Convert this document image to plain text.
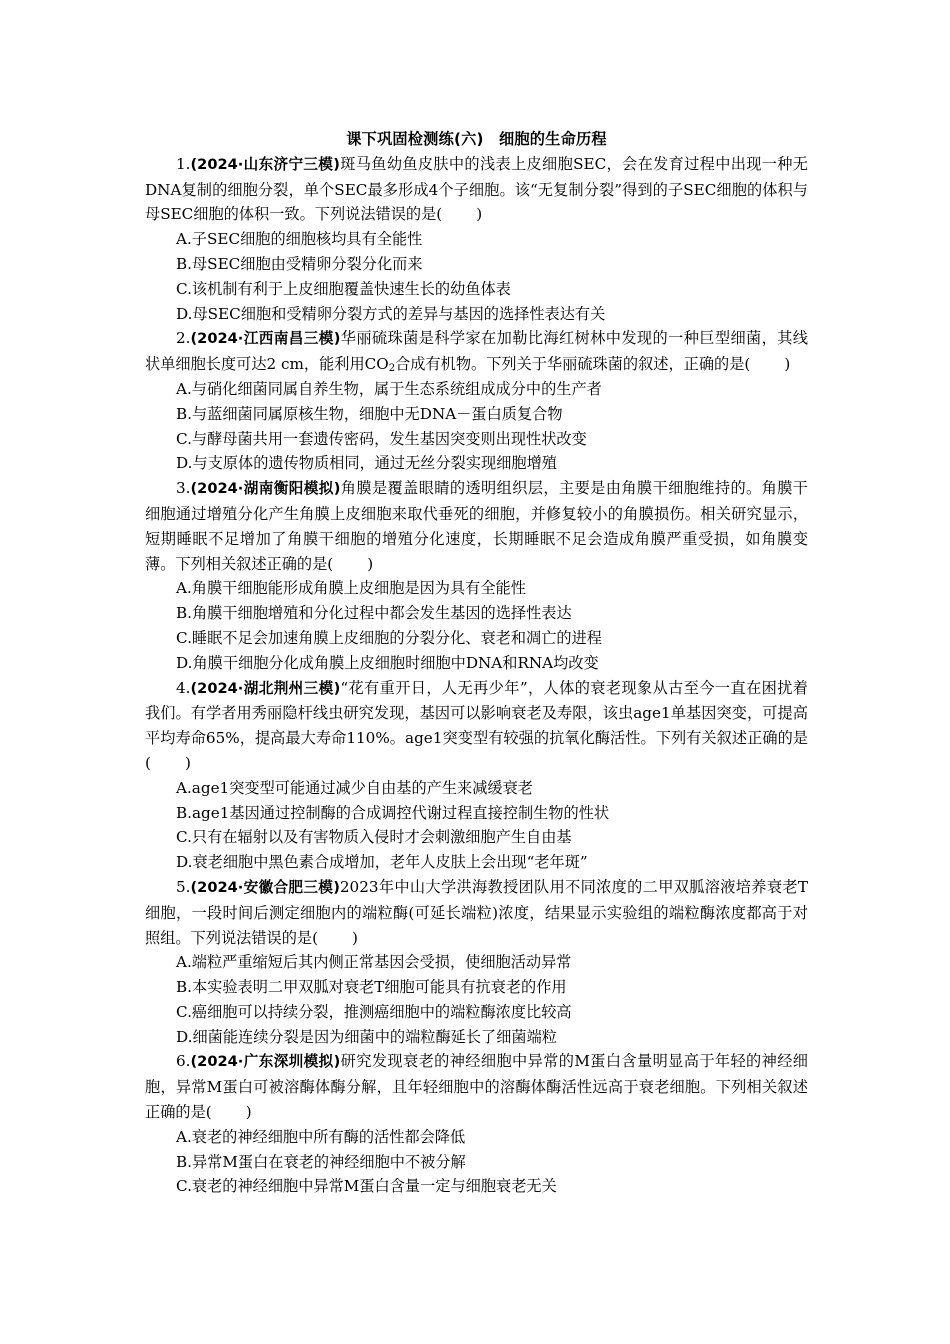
课下巩固检测练(六)　细胞的生命历程

1.(2024·山东济宁三模)斑马鱼幼鱼皮肤中的浅表上皮细胞SEC，会在发育过程中出现一种无DNA复制的细胞分裂，单个SEC最多形成4个子细胞。该“无复制分裂”得到的子SEC细胞的体积与母SEC细胞的体积一致。下列说法错误的是( )

A.子SEC细胞的细胞核均具有全能性

B.母SEC细胞由受精卵分裂分化而来

C.该机制有利于上皮细胞覆盖快速生长的幼鱼体表

D.母SEC细胞和受精卵分裂方式的差异与基因的选择性表达有关

2.(2024·江西南昌三模)华丽硫珠菌是科学家在加勒比海红树林中发现的一种巨型细菌，其线状单细胞长度可达2 cm，能利用$CO_2$合成有机物。下列关于华丽硫珠菌的叙述，正确的是( )

A.与硝化细菌同属自养生物，属于生态系统组成成分中的生产者

B.与蓝细菌同属原核生物，细胞中无DNA－蛋白质复合物

C.与酵母菌共用一套遗传密码，发生基因突变则出现性状改变

D.与支原体的遗传物质相同，通过无丝分裂实现细胞增殖

3.(2024·湖南衡阳模拟)角膜是覆盖眼睛的透明组织层，主要是由角膜干细胞维持的。角膜干细胞通过增殖分化产生角膜上皮细胞来取代垂死的细胞，并修复较小的角膜损伤。相关研究显示，短期睡眠不足增加了角膜干细胞的增殖分化速度，长期睡眠不足会造成角膜严重受损，如角膜变薄。下列相关叙述正确的是( )

A.角膜干细胞能形成角膜上皮细胞是因为具有全能性

B.角膜干细胞增殖和分化过程中都会发生基因的选择性表达

C.睡眠不足会加速角膜上皮细胞的分裂分化、衰老和凋亡的进程

D.角膜干细胞分化成角膜上皮细胞时细胞中DNA和RNA均改变

4.(2024·湖北荆州三模)“花有重开日，人无再少年”，人体的衰老现象从古至今一直在困扰着我们。有学者用秀丽隐杆线虫研究发现，基因可以影响衰老及寿限，该虫age1单基因突变，可提高平均寿命65%，提高最大寿命110%。age1突变型有较强的抗氧化酶活性。下列有关叙述正确的是( )

A.age1突变型可能通过减少自由基的产生来减缓衰老

B.age1基因通过控制酶的合成调控代谢过程直接控制生物的性状

C.只有在辐射以及有害物质入侵时才会刺激细胞产生自由基

D.衰老细胞中黑色素合成增加，老年人皮肤上会出现“老年斑”

5.(2024·安徽合肥三模)2023年中山大学洪海教授团队用不同浓度的二甲双胍溶液培养衰老T细胞，一段时间后测定细胞内的端粒酶(可延长端粒)浓度，结果显示实验组的端粒酶浓度都高于对照组。下列说法错误的是( )

A.端粒严重缩短后其内侧正常基因会受损，使细胞活动异常

B.本实验表明二甲双胍对衰老T细胞可能具有抗衰老的作用

C.癌细胞可以持续分裂，推测癌细胞中的端粒酶浓度比较高

D.细菌能连续分裂是因为细菌中的端粒酶延长了细菌端粒

6.(2024·广东深圳模拟)研究发现衰老的神经细胞中异常的M蛋白含量明显高于年轻的神经细胞，异常M蛋白可被溶酶体酶分解，且年轻细胞中的溶酶体酶活性远高于衰老细胞。下列相关叙述正确的是( )

A.衰老的神经细胞中所有酶的活性都会降低

B.异常M蛋白在衰老的神经细胞中不被分解

C.衰老的神经细胞中异常M蛋白含量一定与细胞衰老无关
